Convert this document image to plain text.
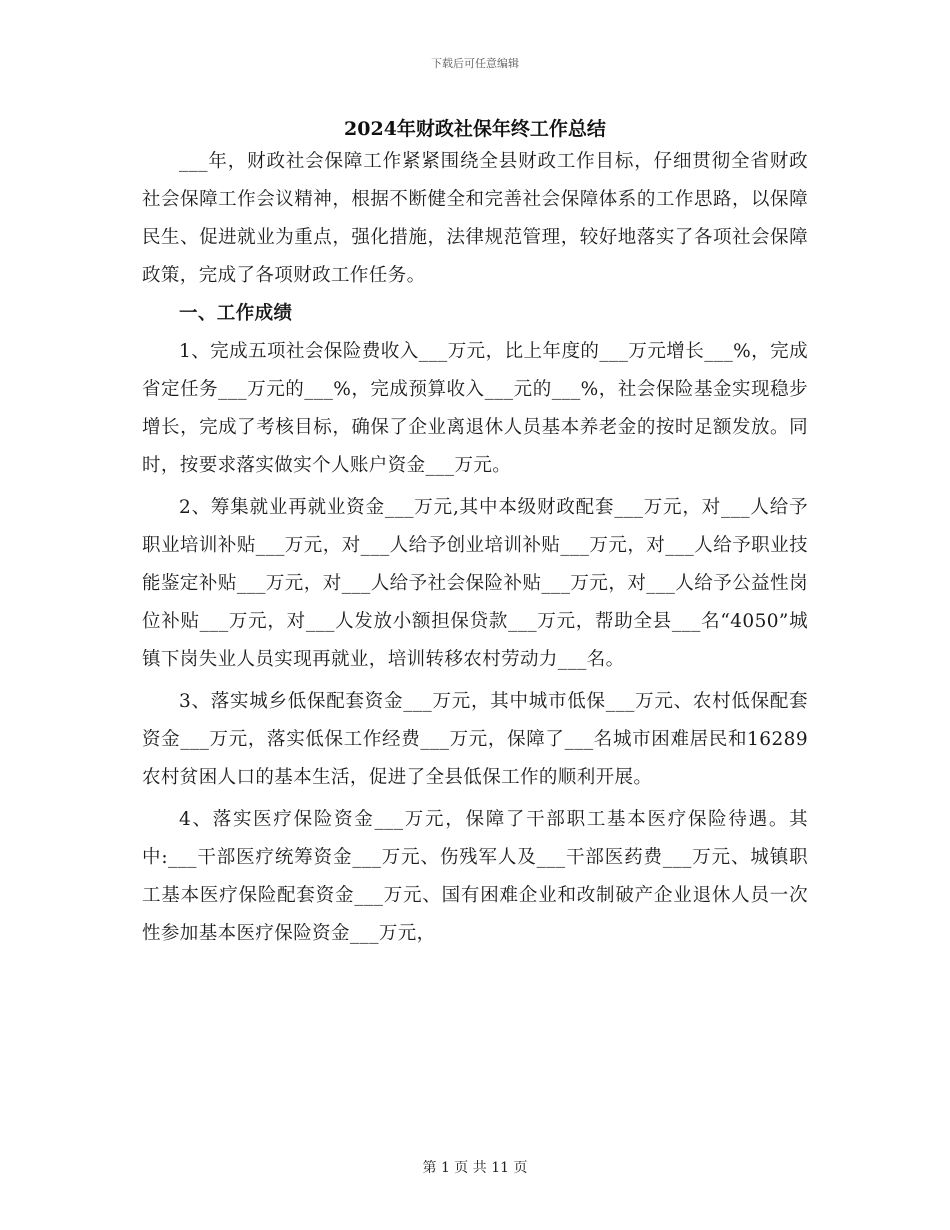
下载后可任意编辑
2024年财政社保年终工作总结

___年，财政社会保障工作紧紧围绕全县财政工作目标，仔细贯彻全省财政社会保障工作会议精神，根据不断健全和完善社会保障体系的工作思路，以保障民生、促进就业为重点，强化措施，法律规范管理，较好地落实了各项社会保障政策，完成了各项财政工作任务。

一、工作成绩

1、完成五项社会保险费收入___万元，比上年度的___万元增长___%，完成省定任务___万元的___%，完成预算收入___元的___%，社会保险基金实现稳步增长，完成了考核目标，确保了企业离退休人员基本养老金的按时足额发放。同时，按要求落实做实个人账户资金___万元。

2、筹集就业再就业资金___万元,其中本级财政配套___万元，对___人给予职业培训补贴___万元，对___人给予创业培训补贴___万元，对___人给予职业技能鉴定补贴___万元，对___人给予社会保险补贴___万元，对___人给予公益性岗位补贴___万元，对___人发放小额担保贷款___万元，帮助全县___名“4050”城镇下岗失业人员实现再就业，培训转移农村劳动力___名。

3、落实城乡低保配套资金___万元，其中城市低保___万元、农村低保配套资金___万元，落实低保工作经费___万元，保障了___名城市困难居民和16289农村贫困人口的基本生活，促进了全县低保工作的顺利开展。

4、落实医疗保险资金___万元，保障了干部职工基本医疗保险待遇。其中:___干部医疗统筹资金___万元、伤残军人及___干部医药费___万元、城镇职工基本医疗保险配套资金___万元、国有困难企业和改制破产企业退休人员一次性参加基本医疗保险资金___万元，

第 1 页 共 11 页
